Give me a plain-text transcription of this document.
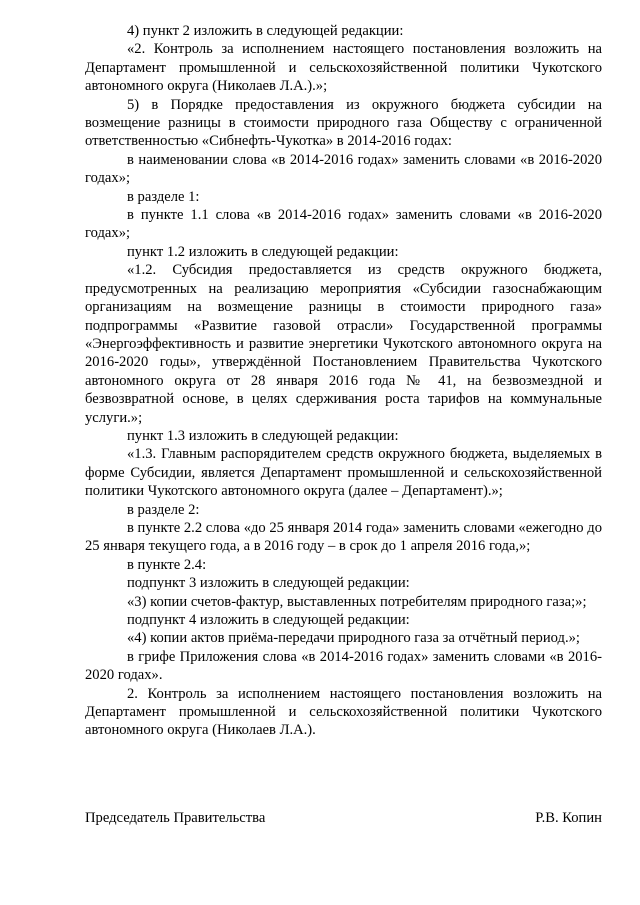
4) пункт 2 изложить в следующей редакции:

«2. Контроль за исполнением настоящего постановления возложить на Департамент промышленной и сельскохозяйственной политики Чукотского автономного округа (Николаев Л.А.).»;

5) в Порядке предоставления из окружного бюджета субсидии на возмещение разницы в стоимости природного газа Обществу с ограниченной ответственностью «Сибнефть-Чукотка» в 2014-2016 годах:

в наименовании слова «в 2014-2016 годах» заменить словами «в 2016-2020 годах»;

в разделе 1:

в пункте 1.1 слова «в 2014-2016 годах» заменить словами «в 2016-2020 годах»;

пункт 1.2 изложить в следующей редакции:

«1.2. Субсидия предоставляется из средств окружного бюджета, предусмотренных на реализацию мероприятия «Субсидии газоснабжающим организациям на возмещение разницы в стоимости природного газа» подпрограммы «Развитие газовой отрасли» Государственной программы «Энергоэффективность и развитие энергетики Чукотского автономного округа на 2016-2020 годы», утверждённой Постановлением Правительства Чукотского автономного округа от 28 января 2016 года № 41, на безвозмездной и безвозвратной основе, в целях сдерживания роста тарифов на коммунальные услуги.»;

пункт 1.3 изложить в следующей редакции:

«1.3. Главным распорядителем средств окружного бюджета, выделяемых в форме Субсидии, является Департамент промышленной и сельскохозяйственной политики Чукотского автономного округа (далее – Департамент).»;

в разделе 2:

в пункте 2.2 слова «до 25 января 2014 года» заменить словами «ежегодно до 25 января текущего года, а в 2016 году – в срок до 1 апреля 2016 года,»;

в пункте 2.4:

подпункт 3 изложить в следующей редакции:

«3) копии счетов-фактур, выставленных потребителям природного газа;»;

подпункт 4 изложить в следующей редакции:

«4) копии актов приёма-передачи природного газа за отчётный период.»;

в грифе Приложения слова «в 2014-2016 годах» заменить словами «в 2016-2020 годах».

2. Контроль за исполнением настоящего постановления возложить на Департамент промышленной и сельскохозяйственной политики Чукотского автономного округа (Николаев Л.А.).

Председатель Правительства	Р.В. Копин
